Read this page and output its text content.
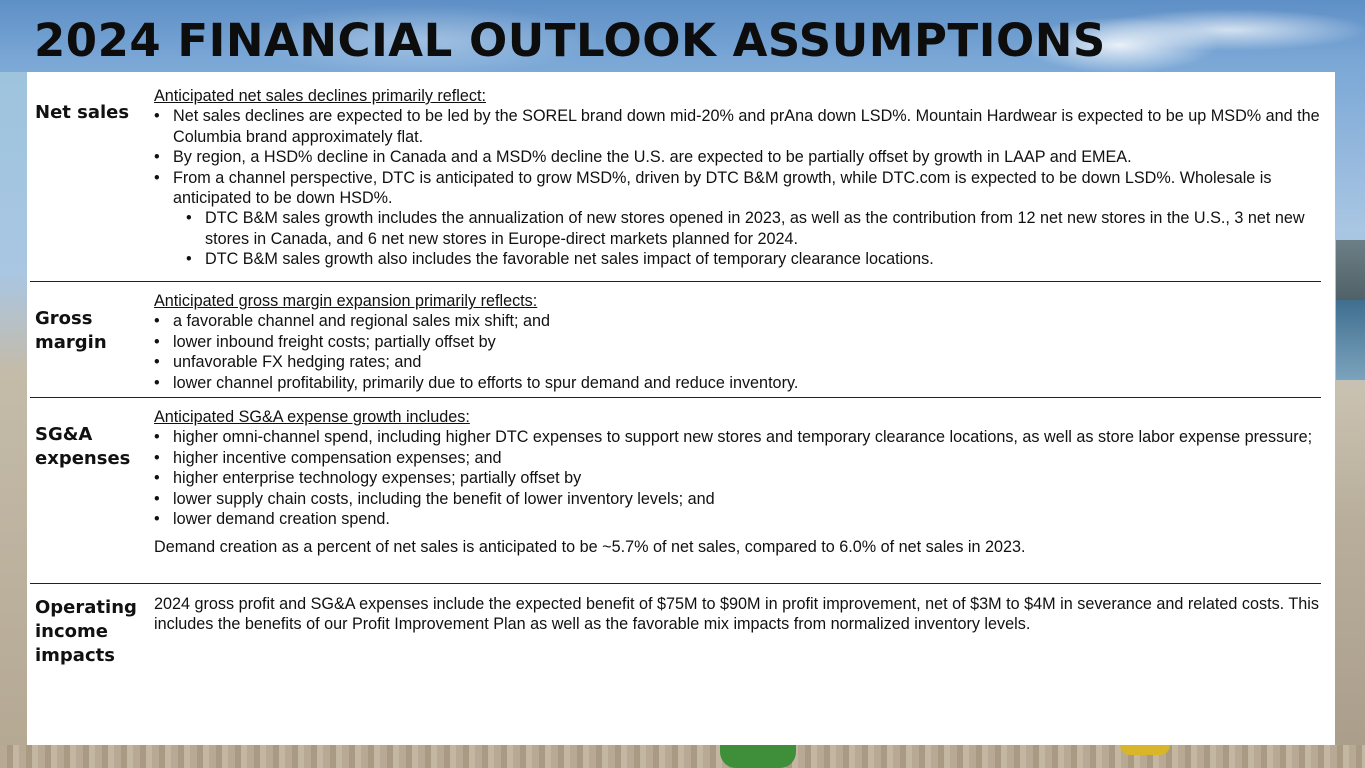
2024 FINANCIAL OUTLOOK ASSUMPTIONS
Net sales
Anticipated net sales declines primarily reflect:
• Net sales declines are expected to be led by the SOREL brand down mid-20% and prAna down LSD%. Mountain Hardwear is expected to be up MSD% and the Columbia brand approximately flat.
• By region, a HSD% decline in Canada and a MSD% decline the U.S. are expected to be partially offset by growth in LAAP and EMEA.
• From a channel perspective, DTC is anticipated to grow MSD%, driven by DTC B&M growth, while DTC.com is expected to be down LSD%. Wholesale is anticipated to be down HSD%.
• DTC B&M sales growth includes the annualization of new stores opened in 2023, as well as the contribution from 12 net new stores in the U.S., 3 net new stores in Canada, and 6 net new stores in Europe-direct markets planned for 2024.
• DTC B&M sales growth also includes the favorable net sales impact of temporary clearance locations.
Gross margin
Anticipated gross margin expansion primarily reflects:
• a favorable channel and regional sales mix shift; and
• lower inbound freight costs; partially offset by
• unfavorable FX hedging rates; and
• lower channel profitability, primarily due to efforts to spur demand and reduce inventory.
SG&A expenses
Anticipated SG&A expense growth includes:
• higher omni-channel spend, including higher DTC expenses to support new stores and temporary clearance locations, as well as store labor expense pressure;
• higher incentive compensation expenses; and
• higher enterprise technology expenses; partially offset by
• lower supply chain costs, including the benefit of lower inventory levels; and
• lower demand creation spend.

Demand creation as a percent of net sales is anticipated to be ~5.7% of net sales, compared to 6.0% of net sales in 2023.

Operating income impacts

2024 gross profit and SG&A expenses include the expected benefit of $75M to $90M in profit improvement, net of $3M to $4M in severance and related costs. This includes the benefits of our Profit Improvement Plan as well as the favorable mix impacts from normalized inventory levels.
